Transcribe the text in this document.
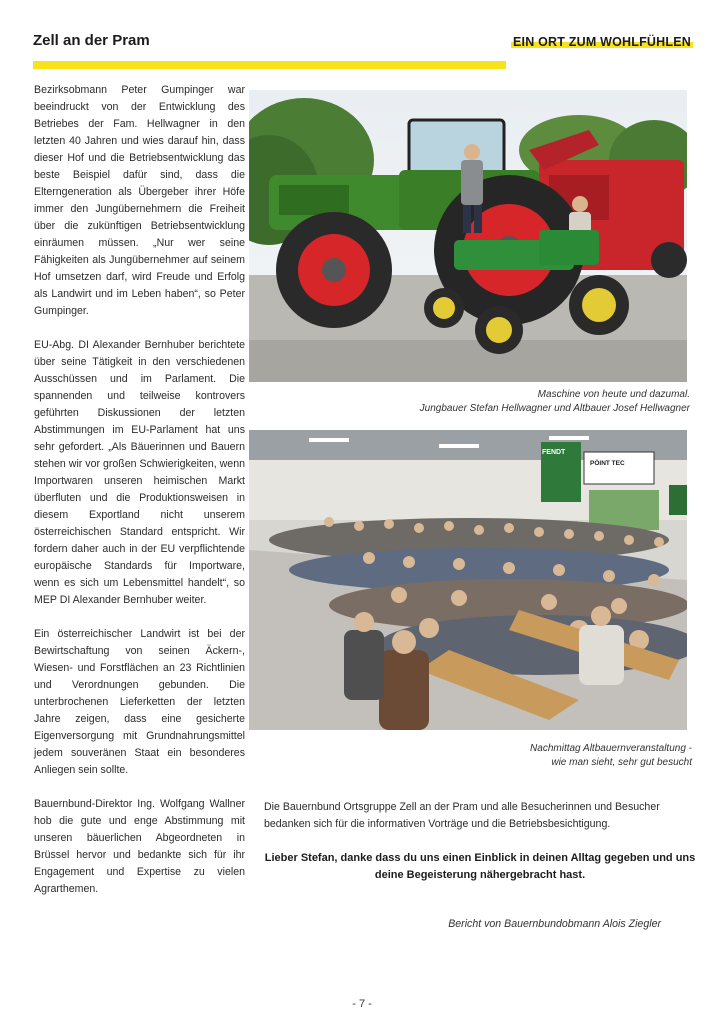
Zell an der Pram	EIN ORT ZUM WOHLFÜHLEN

Bezirksobmann Peter Gumpinger war beeindruckt von der Entwicklung des Betriebes der Fam. Hellwagner in den letzten 40 Jahren und wies darauf hin, dass dieser Hof und die Betriebsentwicklung das beste Beispiel dafür sind, dass die Elterngeneration als Übergeber ihrer Höfe immer den Jungübernehmern die Freiheit über die zukünftigen Betriebsentwicklung einräumen müssen. „Nur wer seine Fähigkeiten als Jungübernehmer auf seinem Hof umsetzen darf, wird Freude und Erfolg als Landwirt und im Leben haben“, so Peter Gumpinger.

EU-Abg. DI Alexander Bernhuber berichtete über seine Tätigkeit in den verschiedenen Ausschüssen und im Parlament. Die spannenden und teilweise kontrovers geführten Diskussionen der letzten Abstimmungen im EU-Parlament hat uns sehr gefordert. „Als Bäuerinnen und Bauern stehen wir vor großen Schwierigkeiten, wenn Importwaren unseren heimischen Markt überfluten und die Produktionsweisen in diesem Exportland nicht unserem österreichischen Standard entspricht. Wir fordern daher auch in der EU verpflichtende europäische Standards für Importware, wenn es sich um Lebensmittel handelt“, so MEP DI Alexander Bernhuber weiter.

Ein österreichischer Landwirt ist bei der Bewirtschaftung von seinen Äckern-, Wiesen- und Forstflächen an 23 Richtlinien und Verordnungen gebunden. Die unterbrochenen Lieferketten der letzten Jahre zeigen, dass eine gesicherte Eigenversorgung mit Grundnahrungsmittel jedem souveränen Staat ein besonderes Anliegen sein sollte.

Bauernbund-Direktor Ing. Wolfgang Wallner hob die gute und enge Abstimmung mit unseren bäuerlichen Abgeordneten in Brüssel hervor und bedankte sich für ihr Engagement und Expertise zu vielen Agrarthemen.

Maschine von heute und dazumal.
Jungbauer Stefan Hellwagner und Altbauer Josef Hellwagner
FENDT
PÖINT TEC
Nachmittag Altbauernveranstaltung -
wie man sieht, sehr gut besucht
Die Bauernbund Ortsgruppe Zell an der Pram und alle Besucherinnen und Besucher bedanken sich für die informativen Vorträge und die Betriebsbesichtigung.
Lieber Stefan, danke dass du uns einen Einblick in deinen Alltag gegeben und uns deine Begeisterung nähergebracht hast.
Bericht von Bauernbundobmann Alois Ziegler
- 7 -
